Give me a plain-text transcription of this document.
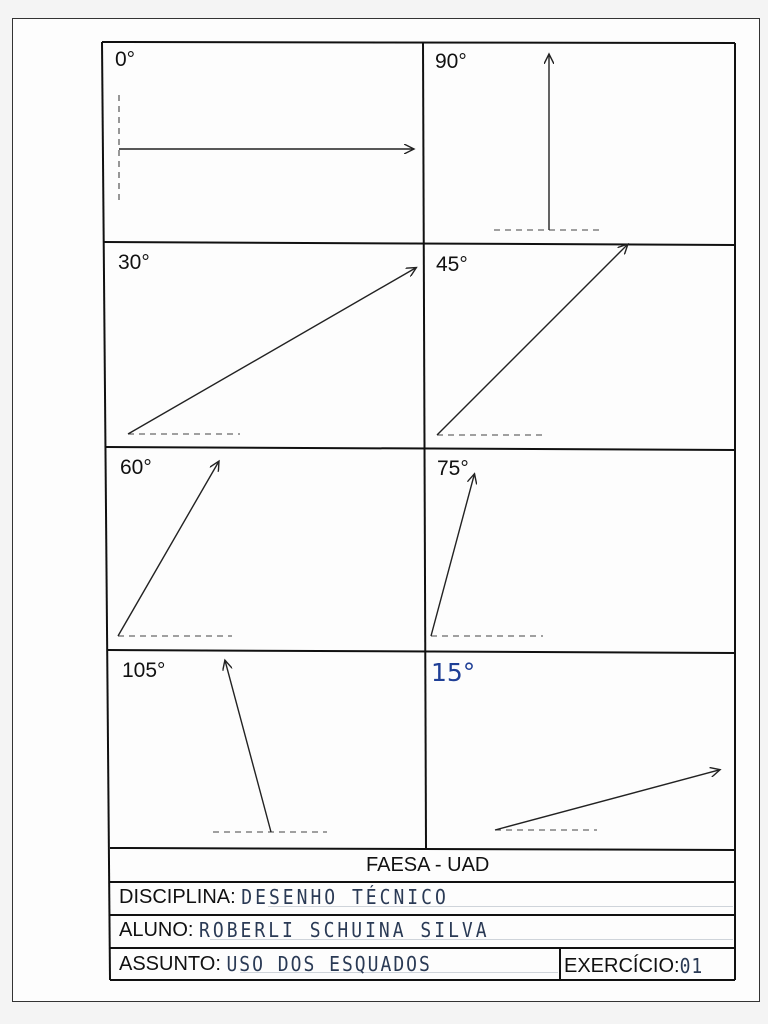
0°	90°
30°	45°
60°	75°
105°	15°
FAESA - UAD
DISCIPLINA: DESENHO TÉCNICO
ALUNO: ROBERLI SCHUINA SILVA
ASSUNTO: USO DOS ESQUADOS	EXERCÍCIO:01
